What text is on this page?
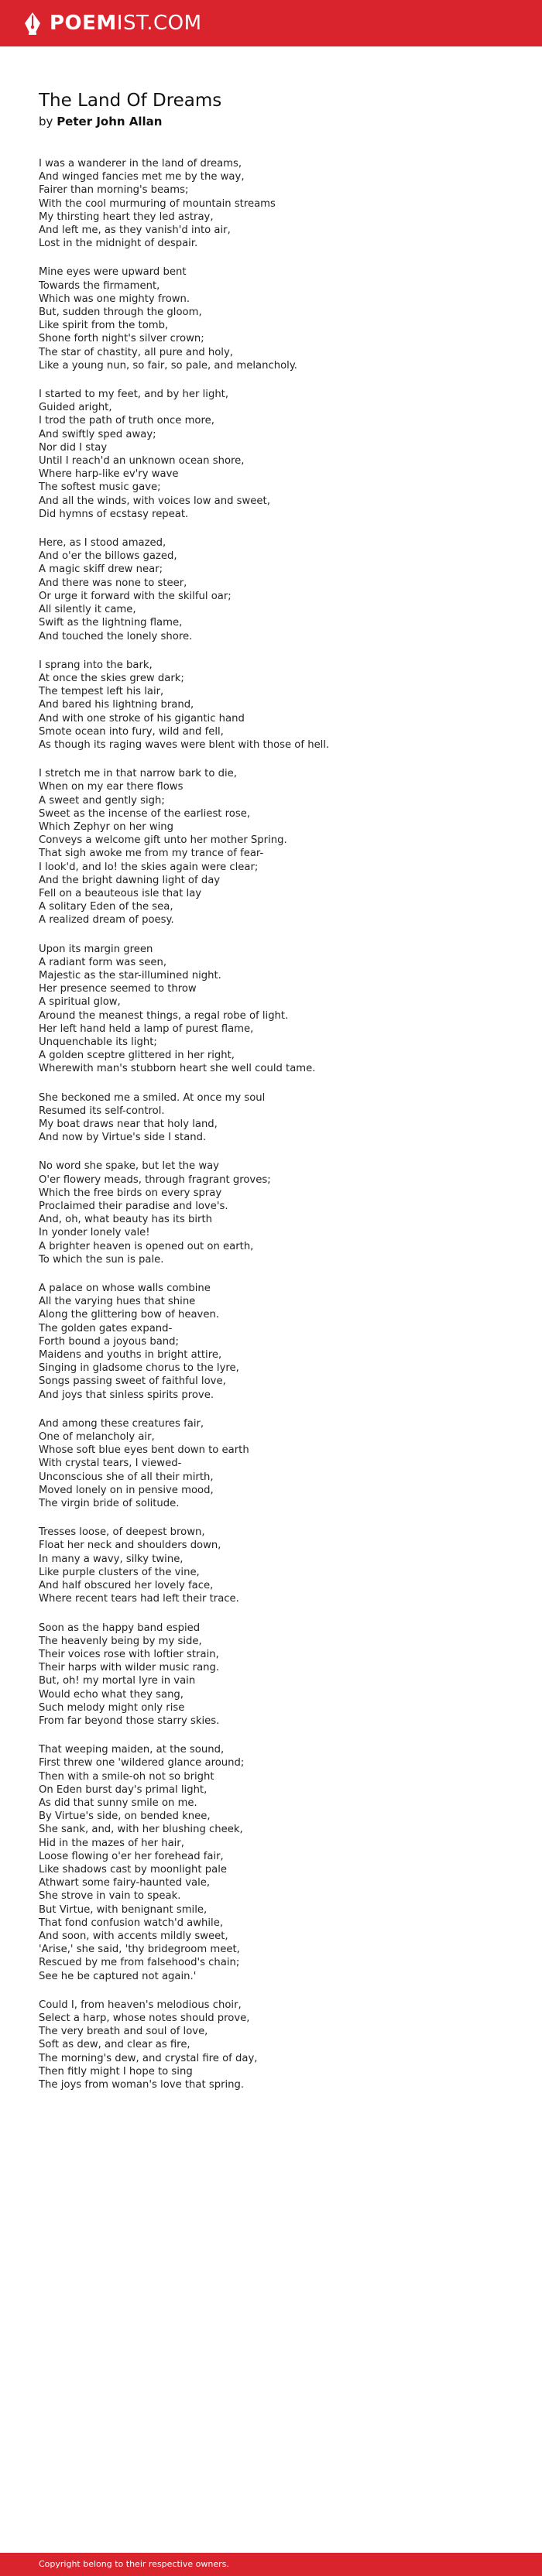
POEMIST.COM
The Land Of Dreams
by Peter John Allan
I was a wanderer in the land of dreams,
And winged fancies met me by the way,
Fairer than morning's beams;
With the cool murmuring of mountain streams
My thirsting heart they led astray,
And left me, as they vanish'd into air,
Lost in the midnight of despair.
Mine eyes were upward bent
Towards the firmament,
Which was one mighty frown.
But, sudden through the gloom,
Like spirit from the tomb,
Shone forth night's silver crown;
The star of chastity, all pure and holy,
Like a young nun, so fair, so pale, and melancholy.
I started to my feet, and by her light,
Guided aright,
I trod the path of truth once more,
And swiftly sped away;
Nor did I stay
Until I reach'd an unknown ocean shore,
Where harp-like ev'ry wave
The softest music gave;
And all the winds, with voices low and sweet,
Did hymns of ecstasy repeat.
Here, as I stood amazed,
And o'er the billows gazed,
A magic skiff drew near;
And there was none to steer,
Or urge it forward with the skilful oar;
All silently it came,
Swift as the lightning flame,
And touched the lonely shore.
I sprang into the bark,
At once the skies grew dark;
The tempest left his lair,
And bared his lightning brand,
And with one stroke of his gigantic hand
Smote ocean into fury, wild and fell,
As though its raging waves were blent with those of hell.
I stretch me in that narrow bark to die,
When on my ear there flows
A sweet and gently sigh;
Sweet as the incense of the earliest rose,
Which Zephyr on her wing
Conveys a welcome gift unto her mother Spring.
That sigh awoke me from my trance of fear-
I look'd, and lo! the skies again were clear;
And the bright dawning light of day
Fell on a beauteous isle that lay
A solitary Eden of the sea,
A realized dream of poesy.
Upon its margin green
A radiant form was seen,
Majestic as the star-illumined night.
Her presence seemed to throw
A spiritual glow,
Around the meanest things, a regal robe of light.
Her left hand held a lamp of purest flame,
Unquenchable its light;
A golden sceptre glittered in her right,
Wherewith man's stubborn heart she well could tame.
She beckoned me a smiled. At once my soul
Resumed its self-control.
My boat draws near that holy land,
And now by Virtue's side I stand.
No word she spake, but let the way
O'er flowery meads, through fragrant groves;
Which the free birds on every spray
Proclaimed their paradise and love's.
And, oh, what beauty has its birth
In yonder lonely vale!
A brighter heaven is opened out on earth,
To which the sun is pale.
A palace on whose walls combine
All the varying hues that shine
Along the glittering bow of heaven.
The golden gates expand-
Forth bound a joyous band;
Maidens and youths in bright attire,
Singing in gladsome chorus to the lyre,
Songs passing sweet of faithful love,
And joys that sinless spirits prove.
And among these creatures fair,
One of melancholy air,
Whose soft blue eyes bent down to earth
With crystal tears, I viewed-
Unconscious she of all their mirth,
Moved lonely on in pensive mood,
The virgin bride of solitude.
Tresses loose, of deepest brown,
Float her neck and shoulders down,
In many a wavy, silky twine,
Like purple clusters of the vine,
And half obscured her lovely face,
Where recent tears had left their trace.
Soon as the happy band espied
The heavenly being by my side,
Their voices rose with loftier strain,
Their harps with wilder music rang.
But, oh! my mortal lyre in vain
Would echo what they sang,
Such melody might only rise
From far beyond those starry skies.
That weeping maiden, at the sound,
First threw one 'wildered glance around;
Then with a smile-oh not so bright
On Eden burst day's primal light,
As did that sunny smile on me.
By Virtue's side, on bended knee,
She sank, and, with her blushing cheek,
Hid in the mazes of her hair,
Loose flowing o'er her forehead fair,
Like shadows cast by moonlight pale
Athwart some fairy-haunted vale,
She strove in vain to speak.
But Virtue, with benignant smile,
That fond confusion watch'd awhile,
And soon, with accents mildly sweet,
'Arise,' she said, 'thy bridegroom meet,
Rescued by me from falsehood's chain;
See he be captured not again.'
Could I, from heaven's melodious choir,
Select a harp, whose notes should prove,
The very breath and soul of love,
Soft as dew, and clear as fire,
The morning's dew, and crystal fire of day,
Then fitly might I hope to sing
The joys from woman's love that spring.
Copyright belong to their respective owners.
